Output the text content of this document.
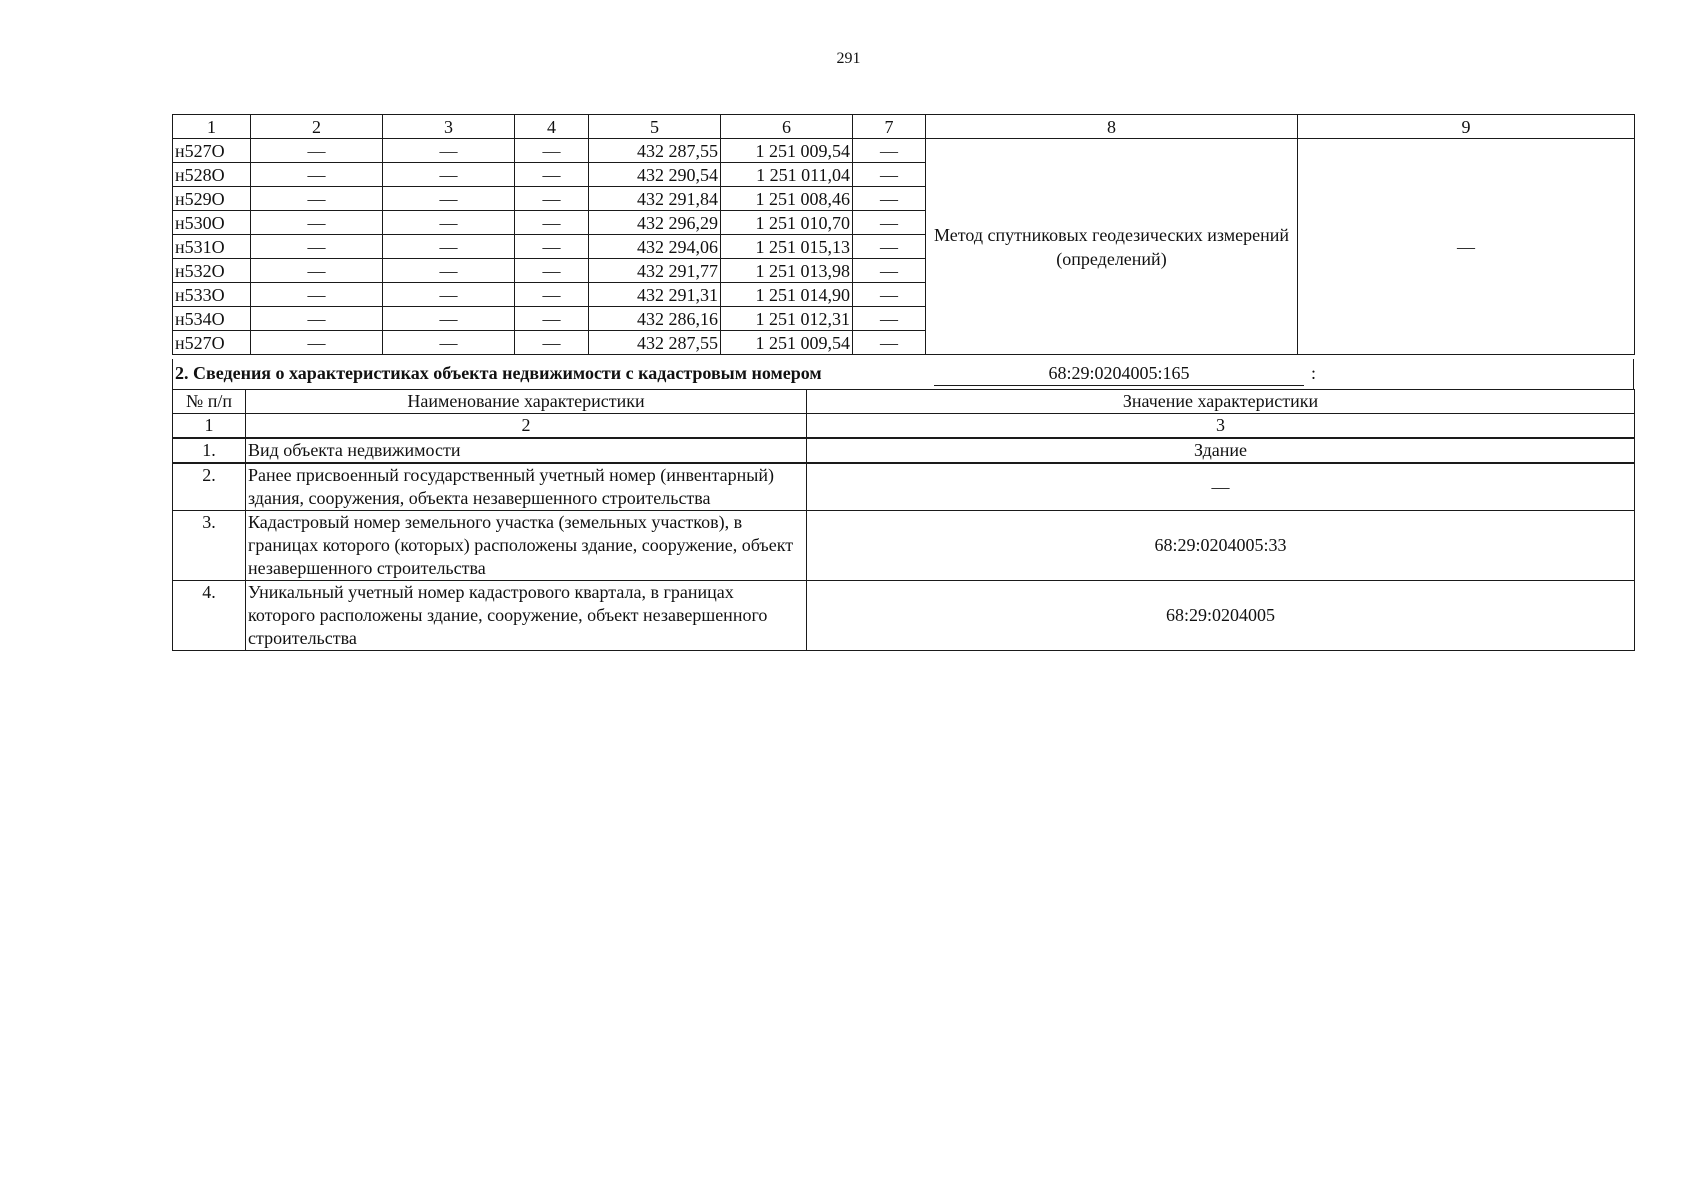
291
1	2	3	4	5	6	7	8	9
н527О	—	—	—	432 287,55	1 251 009,54	—	Метод спутниковых геодезических измерений (определений)	—
н528О	—	—	—	432 290,54	1 251 011,04	—		
н529О	—	—	—	432 291,84	1 251 008,46	—		
н530О	—	—	—	432 296,29	1 251 010,70	—		
н531О	—	—	—	432 294,06	1 251 015,13	—		
н532О	—	—	—	432 291,77	1 251 013,98	—		
н533О	—	—	—	432 291,31	1 251 014,90	—		
н534О	—	—	—	432 286,16	1 251 012,31	—		
н527О	—	—	—	432 287,55	1 251 009,54	—		
2. Сведения о характеристиках объекта недвижимости с кадастровым номером	68:29:0204005:165	:
№ п/п	Наименование характеристики	Значение характеристики
1	2	3
1.	Вид объекта недвижимости	Здание
2.	Ранее присвоенный государственный учетный номер (инвентарный) здания, сооружения, объекта незавершенного строительства	—
3.	Кадастровый номер земельного участка (земельных участков), в границах которого (которых) расположены здание, сооружение, объект незавершенного строительства	68:29:0204005:33
4.	Уникальный учетный номер кадастрового квартала, в границах которого расположены здание, сооружение, объект незавершенного строительства	68:29:0204005
